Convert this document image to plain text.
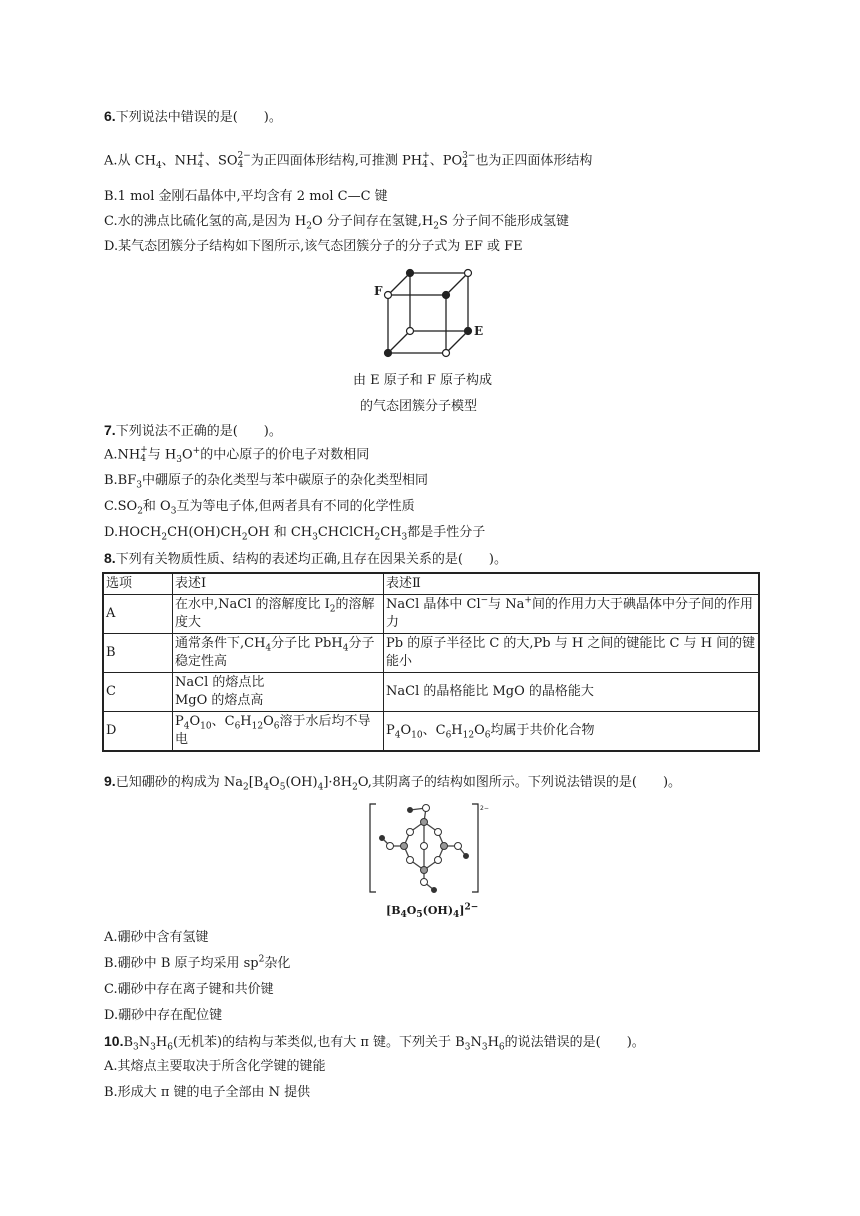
6.下列说法中错误的是(　　)。
A.从 $CH_4$、NH +
4 、SO 2−
4 为正四面体形结构,可推测 PH +
4 、PO 3−
4 也为正四面体形结构
B.1 mol 金刚石晶体中,平均含有 2 mol C—C 键
C.水的沸点比硫化氢的高,是因为 $H_2O$ 分子间存在氢键$,H_2S$ 分子间不能形成氢键
D.某气态团簇分子结构如下图所示,该气态团簇分子的分子式为 EF 或 FE
F
E
由 E 原子和 F 原子构成
的气态团簇分子模型
7.下列说法不正确的是(　　)。
A.NH +
4 与 $H_3O^+$的中心原子的价电子对数相同
$B.BF_3$中硼原子的杂化类型与苯中碳原子的杂化类型相同
$C.SO_2$和 $O_3$互为等电子体,但两者具有不同的化学性质
$D.HOCH_2CH(OH)CH_2OH$ 和 $CH_3CHClCH_2CH_3$都是手性分子
8.下列有关物质性质、结构的表述均正确,且存在因果关系的是(　　)。
选项	表述Ⅰ	表述Ⅱ
A	在水中,NaCl 的溶解度比 $I_2$的溶解度大	NaCl 晶体中 Cl−与 Na+间的作用力大于碘晶体中分子间的作用力
B	通常条件下$,CH_4$分子比 PbH$_4$分子稳定性高	Pb 的原子半径比 C 的大,Pb 与 H 之间的键能比 C 与 H 间的键能小
C	NaCl 的熔点比
MgO 的熔点高	NaCl 的晶格能比 MgO 的晶格能大
D	$P_4O_{10}$、$C_6H_{12}O_6$溶于水后均不导电	$P_4O_{10}$、$C_6H_{12}O_6$均属于共价化合物
9.已知硼砂的构成为 $Na_2[B_4O_5(OH)_4]\cdot 8H_2O$,其阴离子的结构如图所示。下列说法错误的是(　　)。
2−
$[B_4O_5(OH)_4]^{2-}$
A.硼砂中含有氢键
B.硼砂中 B 原子均采用 $sp^2$杂化
C.硼砂中存在离子键和共价键
D.硼砂中存在配位键
$10.B_3N_3H_6$(无机苯)的结构与苯类似,也有大 π 键。下列关于 $B_3N_3H_6$的说法错误的是(　　)。
A.其熔点主要取决于所含化学键的键能
B.形成大 π 键的电子全部由 N 提供
